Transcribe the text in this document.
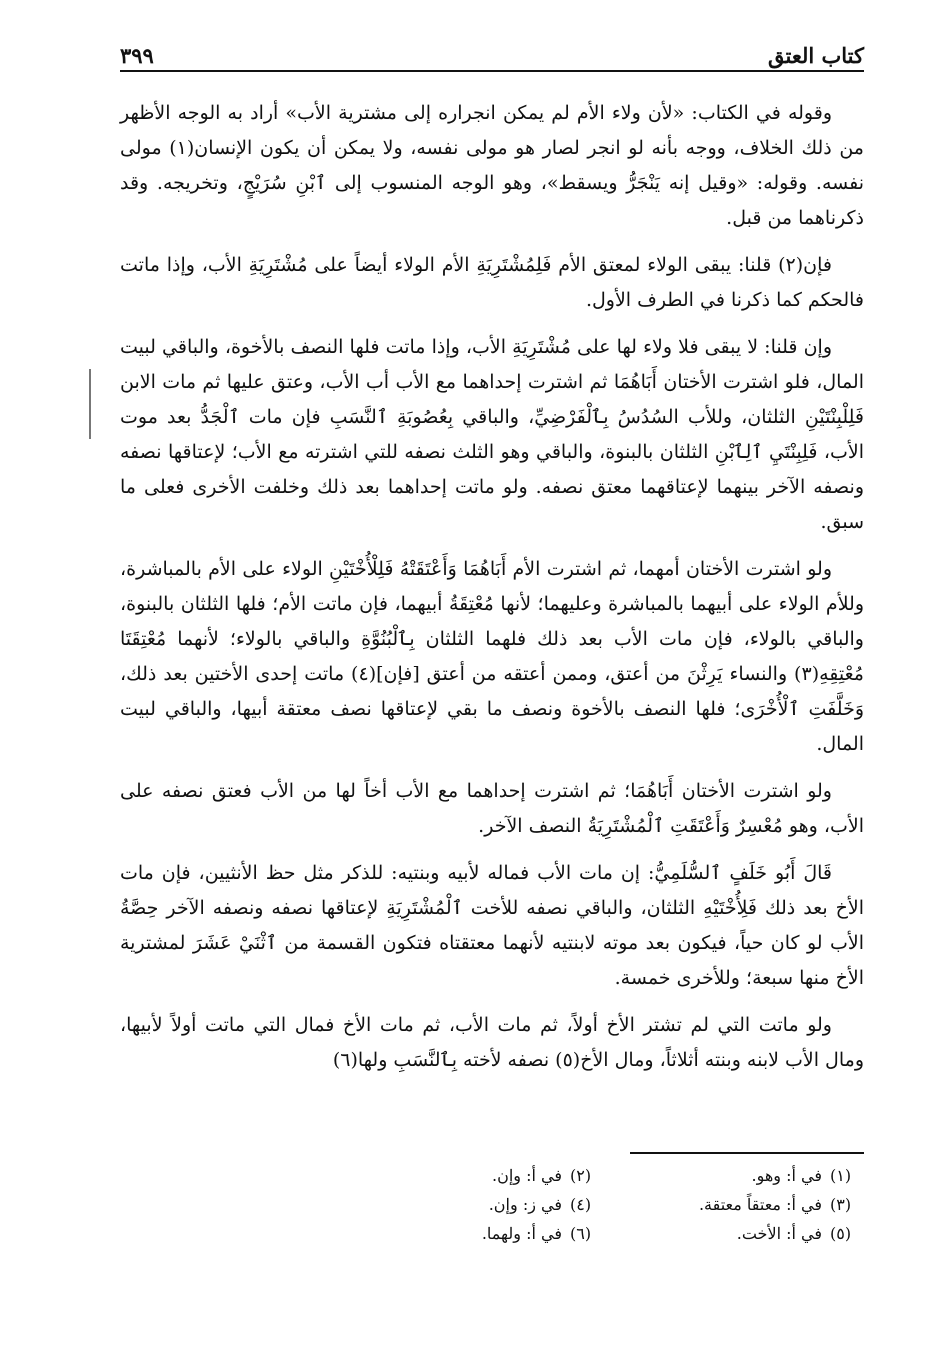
كتاب العتق
٣٩٩

وقوله في الكتاب: «لأن ولاء الأم لم يمكن انجراره إلى مشترية الأب» أراد به الوجه الأظهر من ذلك الخلاف، ووجه بأنه لو انجر لصار هو مولى نفسه، ولا يمكن أن يكون الإنسان(١) مولى نفسه. وقوله: «وقيل إنه يَنْجَرُّ ويسقط»، وهو الوجه المنسوب إلى ٱبْنِ سُرَيْجٍ، وتخريجه. وقد ذكرناهما من قبل.

فإن(٢) قلنا: يبقى الولاء لمعتق الأم فَلِمُشْتَرِيَةِ الأم الولاء أيضاً على مُشْتَرِيَةِ الأب، وإذا ماتت فالحكم كما ذكرنا في الطرف الأول.

وإن قلنا: لا يبقى فلا ولاء لها على مُشْتَرِيَةِ الأب، وإذا ماتت فلها النصف بالأخوة، والباقي لبيت المال، فلو اشترت الأختان أَبَاهُمَا ثم اشترت إحداهما مع الأب أب الأب، وعتق عليها ثم مات الابن فَلِلْبِنْتَيْنِ الثلثان، وللأب السُدُسُ بِٱلْفَرْضِيِّ، والباقي بِعُصُوبَةِ ٱلنَّسَبِ فإن مات ٱلْجَدُّ بعد موت الأب، فَلِبِنْتَيِ ٱلِٱبْنِ الثلثان بالبنوة، والباقي وهو الثلث نصفه للتي اشترته مع الأب؛ لإعتاقها نصفه ونصفه الآخر بينهما لإعتاقهما معتق نصفه. ولو ماتت إحداهما بعد ذلك وخلفت الأخرى فعلى ما سبق.

ولو اشترت الأختان أمهما، ثم اشترت الأم أَبَاهُمَا وَأَعْتَقَتْهُ فَلِلْأُخْتَيْنِ الولاء على الأم بالمباشرة، وللأم الولاء على أبيهما بالمباشرة وعليهما؛ لأنها مُعْتِقَةُ أبيهما، فإن ماتت الأم؛ فلها الثلثان بالبنوة، والباقي بالولاء، فإن مات الأب بعد ذلك فلهما الثلثان بِٱلْبُنُوَّةِ والباقي بالولاء؛ لأنهما مُعْتِقَتَا مُعْتِقِهِ(٣) والنساء يَرِثْنَ من أعتق، وممن أعتقه من أعتق [فإن](٤) ماتت إحدى الأختين بعد ذلك، وَخَلَّفَتِ ٱلْأُخْرَى؛ فلها النصف بالأخوة ونصف ما بقي لإعتاقها نصف معتقة أبيها، والباقي لبيت المال.

ولو اشترت الأختان أَبَاهُمَا؛ ثم اشترت إحداهما مع الأب أخاً لها من الأب فعتق نصفه على الأب، وهو مُعْسِرٌ وَأَعْتَقَتِ ٱلْمُشْتَرِيَةُ النصف الآخر.

قَالَ أَبُو خَلَفٍ ٱلسُّلَمِيُّ: إن مات الأب فماله لأبيه وبنتيه: للذكر مثل حظ الأنثيين، فإن مات الأخ بعد ذلك فَلِأُخْتَيْهِ الثلثان، والباقي نصفه للأخت ٱلْمُشْتَرِيَةِ لإعتاقها نصفه ونصفه الآخر حِصَّةُ الأب لو كان حياً، فيكون بعد موته لابنتيه لأنهما معتقتاه فتكون القسمة من ٱثْنَيْ عَشَرَ لمشترية الأخ منها سبعة؛ وللأخرى خمسة.

ولو ماتت التي لم تشتر الأخ أولاً، ثم مات الأب، ثم مات الأخ فمال التي ماتت أولاً لأبيها، ومال الأب لابنه وبنته أثلاثاً، ومال الأخ(٥) نصفه لأخته بِٱلنَّسَبِ ولها(٦)

(١)
في أ: وهو.
(٢)
في أ: وإن.
(٣)
في أ: معتقاً معتقة.
(٤)
في ز: وإن.
(٥)
في أ: الأخت.
(٦)
في أ: ولهما.
